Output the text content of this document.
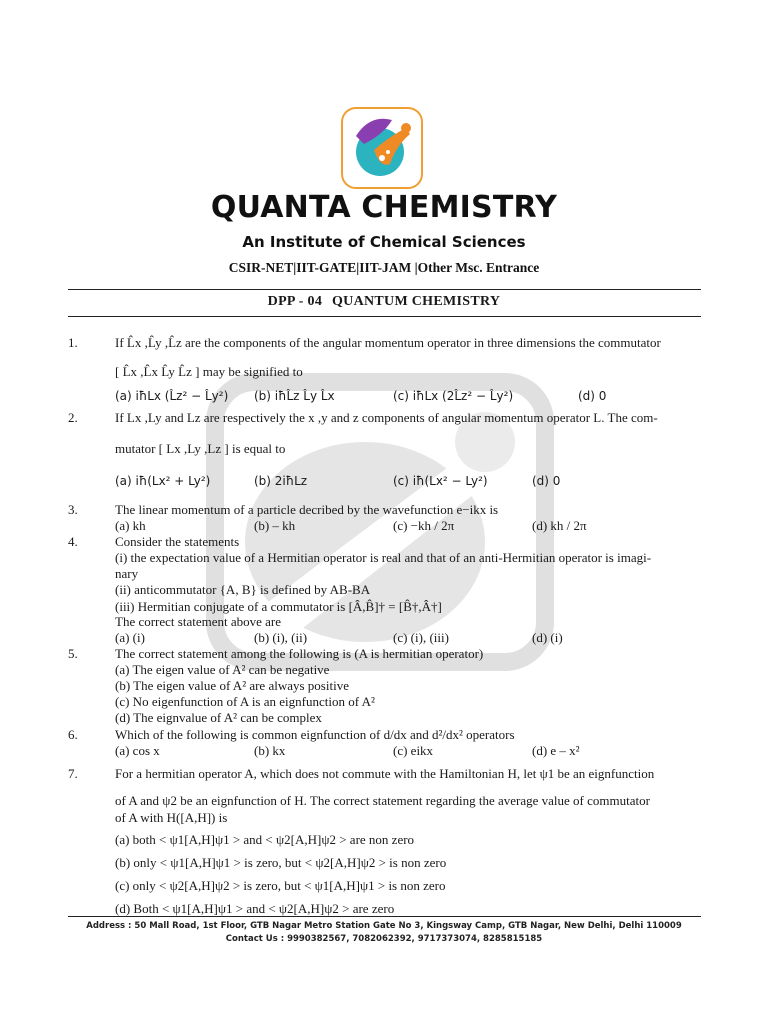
QUANTA CHEMISTRY
An Institute of Chemical Sciences
CSIR-NET|IIT-GATE|IIT-JAM |Other Msc. Entrance
DPP - 04 QUANTUM CHEMISTRY
1.	If L̂x ,L̂y ,L̂z are the components of the angular momentum operator in three dimensions the commutator
[ L̂x ,L̂x L̂y L̂z ] may be signified to
(a) iħLx (L̂z² − L̂y²) (b) iħL̂z L̂y L̂x	(c) iħLx (2L̂z² − L̂y²)	(d) 0
2.	If Lx ,Ly and Lz are respectively the x ,y and z components of angular momentum operator L. The com-
mutator [ Lx ,Ly ,Lz ] is equal to
(a) iħ(Lx² + Ly²)	(b) 2iħLz	(c) iħ(Lx² − Ly²)	(d) 0
3.	The linear momentum of a particle decribed by the wavefunction e−ikx is
(a) kh	(b) – kh	(c) −kh / 2π	(d) kh / 2π
4.	Consider the statements
(i) the expectation value of a Hermitian operator is real and that of an anti-Hermitian operator is imagi-
nary
(ii) anticommutator {A, B} is defined by AB-BA
(iii) Hermitian conjugate of a commutator is [Â,B̂]† = [B̂†,Â†]
The correct statement above are
(a) (i)	(b) (i), (ii)	(c) (i), (iii)	(d) (i)
5.	The correct statement among the following is (A is hermitian operator)
(a) The eigen value of A² can be negative
(b) The eigen value of A² are always positive
(c) No eigenfunction of A is an eignfunction of A²
(d) The eignvalue of A² can be complex
6.	Which of the following is common eignfunction of d/dx and d²/dx² operators
(a) cos x	(b) kx	(c) eikx	(d) e – x²
7.	For a hermitian operator A, which does not commute with the Hamiltonian H, let ψ1 be an eignfunction
of A and ψ2 be an eignfunction of H. The correct statement regarding the average value of commutator
of A with H([A,H]) is
(a) both < ψ1[A,H]ψ1 > and < ψ2[A,H]ψ2 > are non zero
(b) only < ψ1[A,H]ψ1 > is zero, but < ψ2[A,H]ψ2 > is non zero
(c) only < ψ2[A,H]ψ2 > is zero, but < ψ1[A,H]ψ1 > is non zero
(d) Both < ψ1[A,H]ψ1 > and < ψ2[A,H]ψ2 > are zero
Address : 50 Mall Road, 1st Floor, GTB Nagar Metro Station Gate No 3, Kingsway Camp, GTB Nagar, New Delhi, Delhi 110009
Contact Us : 9990382567, 7082062392, 9717373074, 8285815185
